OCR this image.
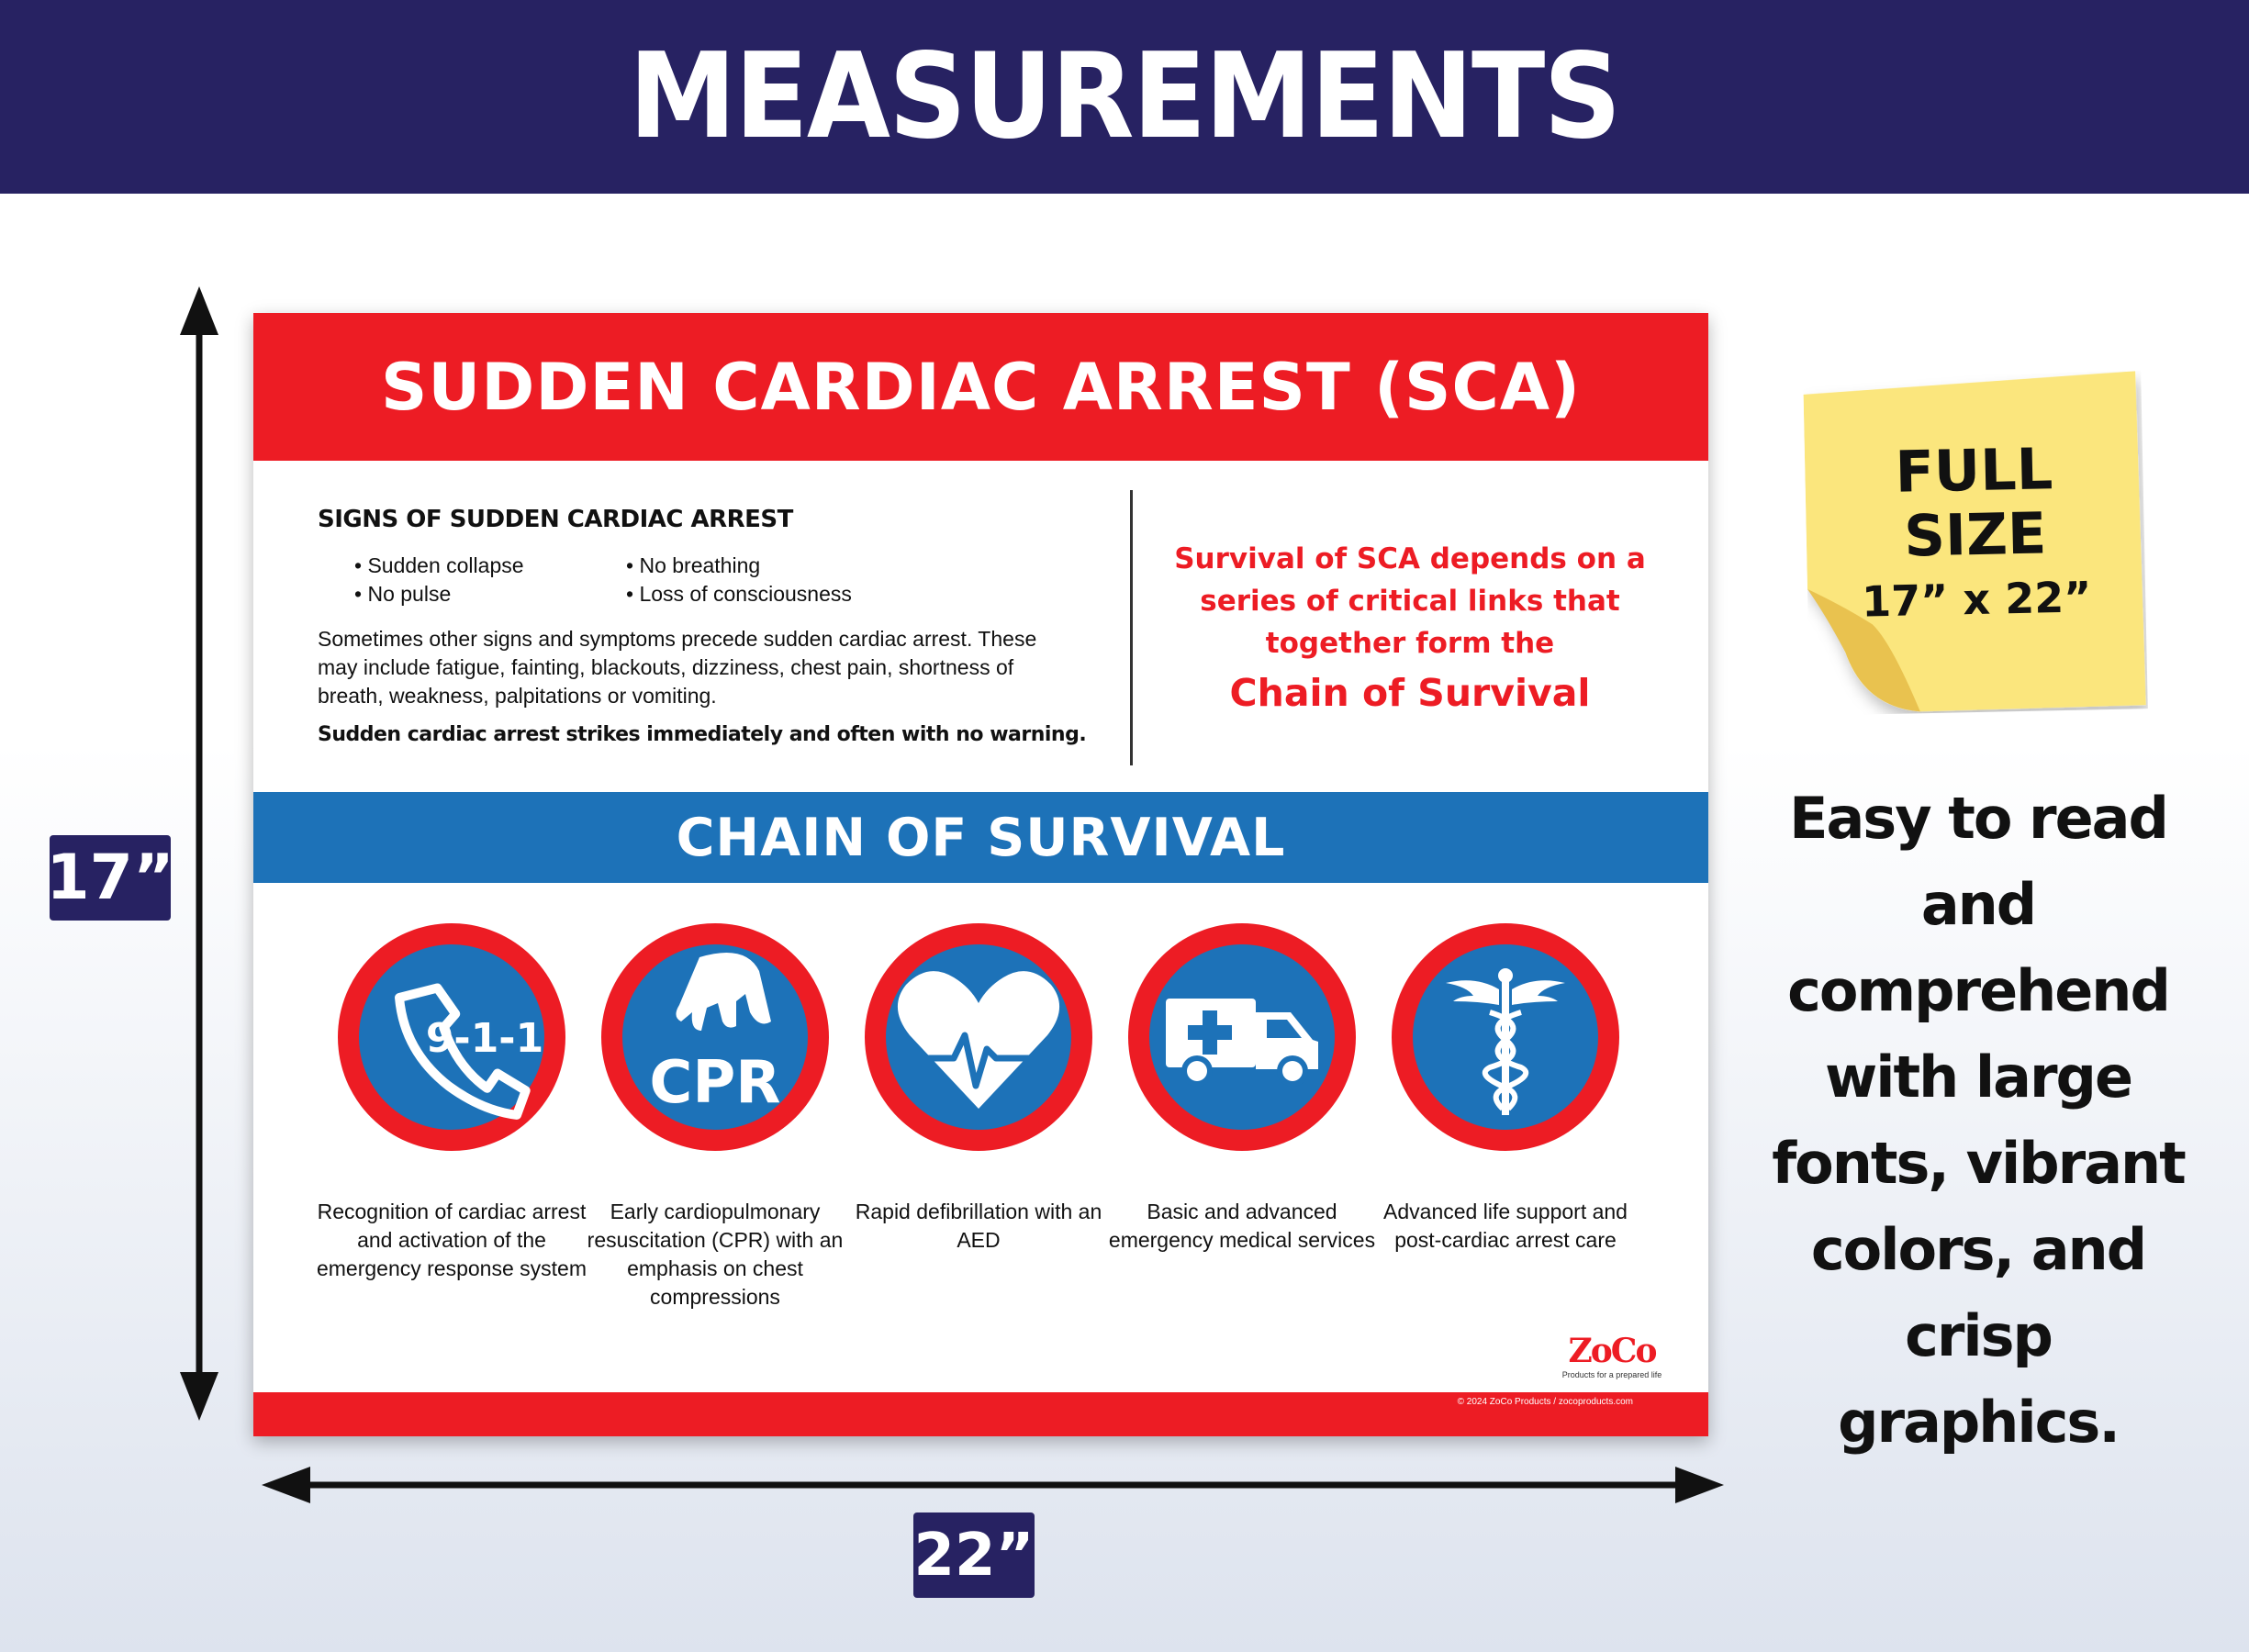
MEASUREMENTS
17”
22”
SUDDEN CARDIAC ARREST (SCA)
SIGNS OF SUDDEN CARDIAC ARREST
• Sudden collapse
• No pulse
• No breathing
• Loss of consciousness
Sometimes other signs and symptoms precede sudden cardiac arrest. These may include fatigue, fainting, blackouts, dizziness, chest pain, shortness of breath, weakness, palpitations or vomiting.
Sudden cardiac arrest strikes immediately and often with no warning.
Survival of SCA depends on a series of critical links that together form the
Chain of Survival
CHAIN OF SURVIVAL
9-1-1
Recognition of cardiac arrest and activation of the emergency response system
CPR
Early cardiopulmonary resuscitation (CPR) with an emphasis on chest compressions
Rapid defibrillation with an AED
Basic and advanced emergency medical services
Advanced life support and post-cardiac arrest care
ZoCo
Products for a prepared life
© 2024 ZoCo Products / zocoproducts.com
FULL
SIZE
17” x 22”
Easy to read and comprehend with large fonts, vibrant colors, and crisp graphics.
